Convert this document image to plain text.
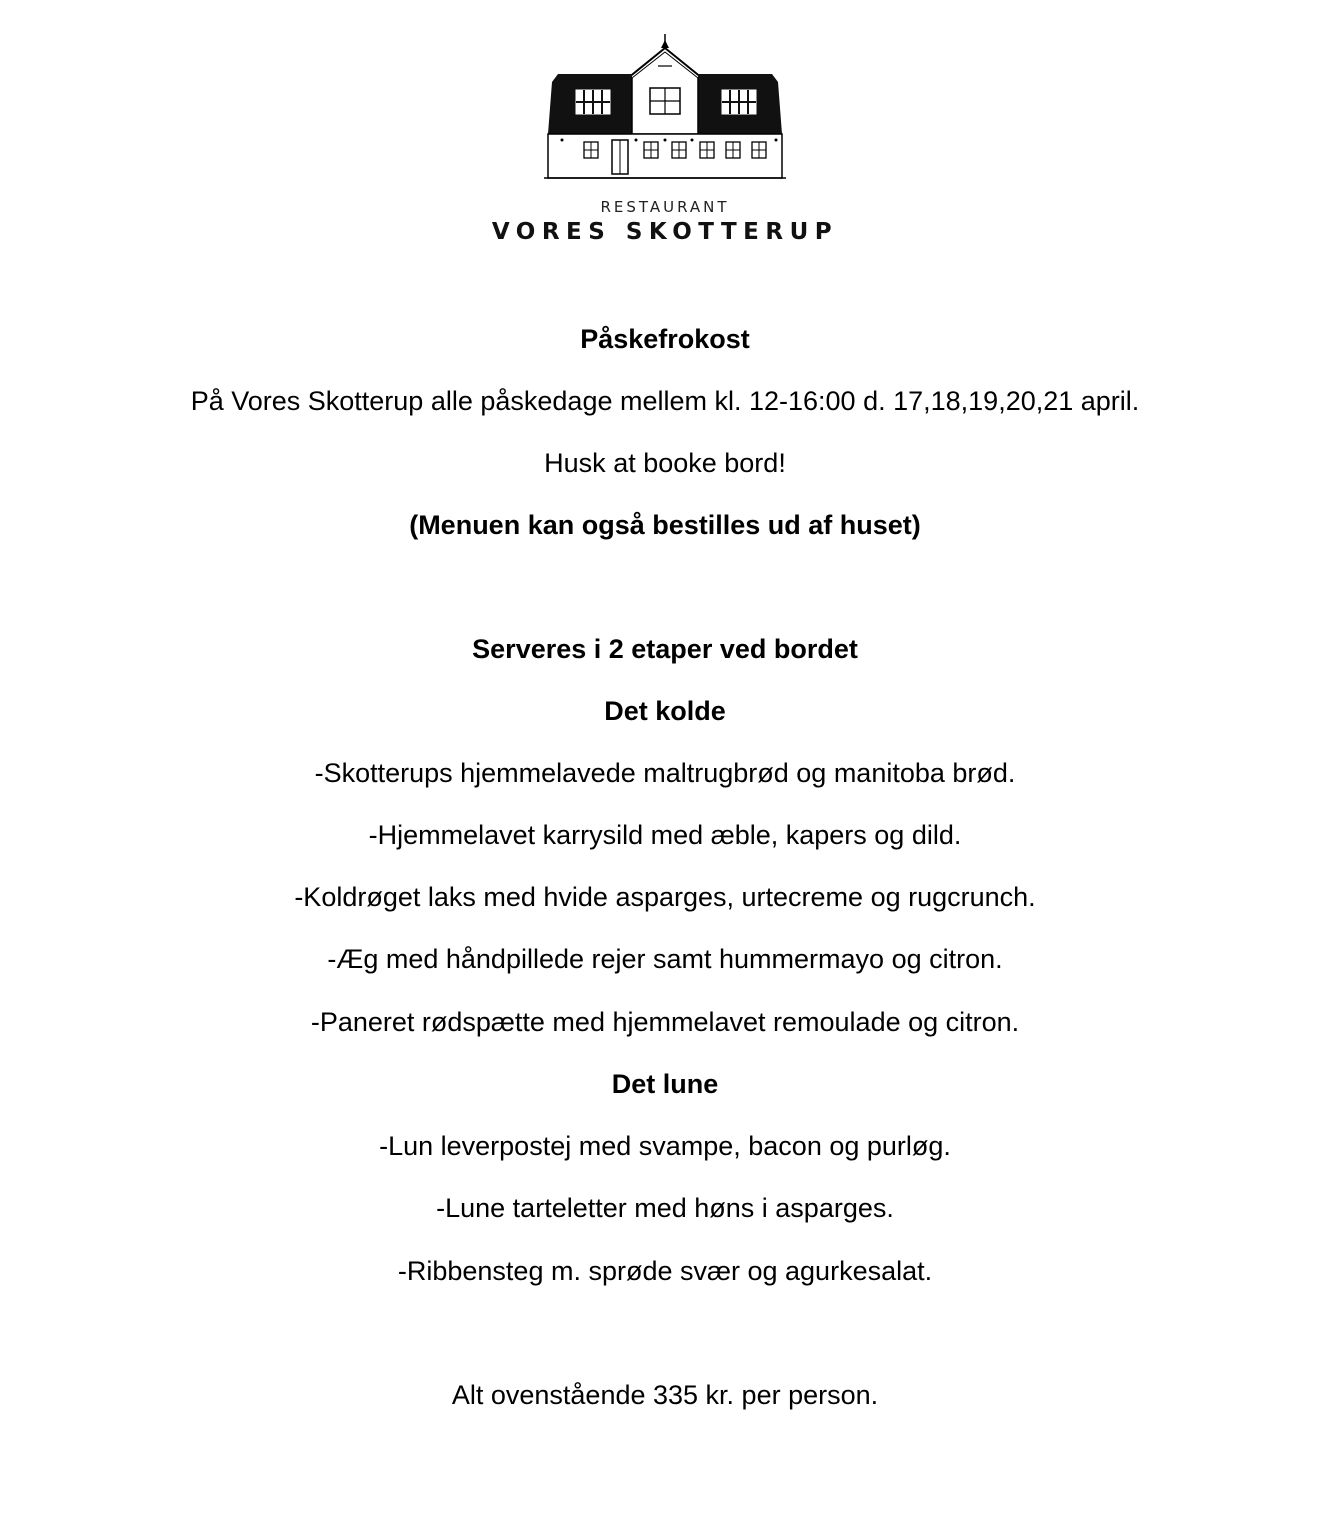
RESTAURANT
VORES SKOTTERUP
Påskefrokost
På Vores Skotterup alle påskedage mellem kl. 12-16:00 d. 17,18,19,20,21 april.
Husk at booke bord!
(Menuen kan også bestilles ud af huset)
Serveres i 2 etaper ved bordet
Det kolde
-Skotterups hjemmelavede maltrugbrød og manitoba brød.
-Hjemmelavet karrysild med æble, kapers og dild.
-Koldrøget laks med hvide asparges, urtecreme og rugcrunch.
-Æg med håndpillede rejer samt hummermayo og citron.
-Paneret rødspætte med hjemmelavet remoulade og citron.
Det lune
-Lun leverpostej med svampe, bacon og purløg.
-Lune tarteletter med høns i asparges.
-Ribbensteg m. sprøde svær og agurkesalat.
Alt ovenstående 335 kr. per person.
